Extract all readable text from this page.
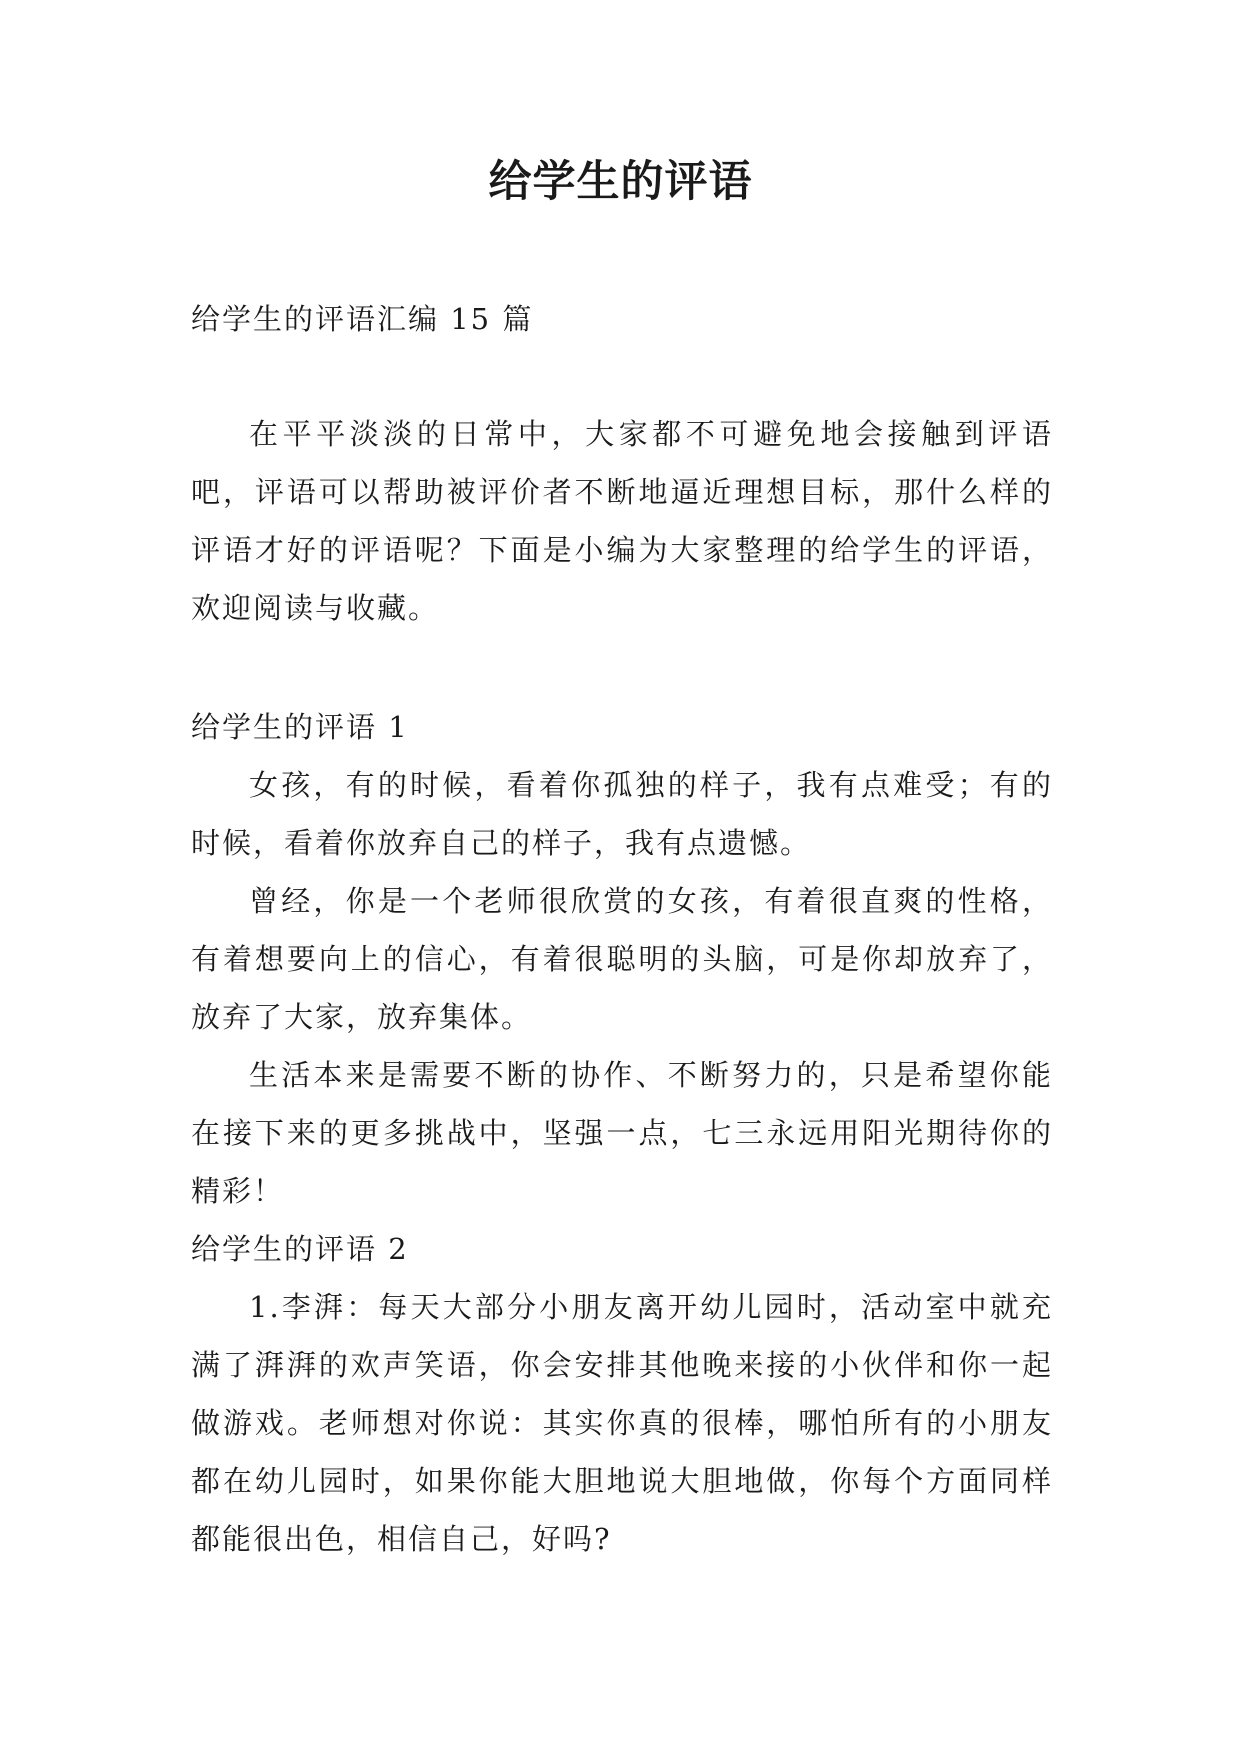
给学生的评语

给学生的评语汇编 15 篇

在平平淡淡的日常中，大家都不可避免地会接触到评语吧，评语可以帮助被评价者不断地逼近理想目标，那什么样的评语才好的评语呢？下面是小编为大家整理的给学生的评语，欢迎阅读与收藏。

给学生的评语 1

女孩，有的时候，看着你孤独的样子，我有点难受；有的时候，看着你放弃自己的样子，我有点遗憾。

曾经，你是一个老师很欣赏的女孩，有着很直爽的性格，有着想要向上的信心，有着很聪明的头脑，可是你却放弃了，放弃了大家，放弃集体。

生活本来是需要不断的协作、不断努力的，只是希望你能在接下来的更多挑战中，坚强一点，七三永远用阳光期待你的精彩！

给学生的评语 2

1.李湃：每天大部分小朋友离开幼儿园时，活动室中就充满了湃湃的欢声笑语，你会安排其他晚来接的小伙伴和你一起做游戏。老师想对你说：其实你真的很棒，哪怕所有的小朋友都在幼儿园时，如果你能大胆地说大胆地做，你每个方面同样都能很出色，相信自己，好吗?
